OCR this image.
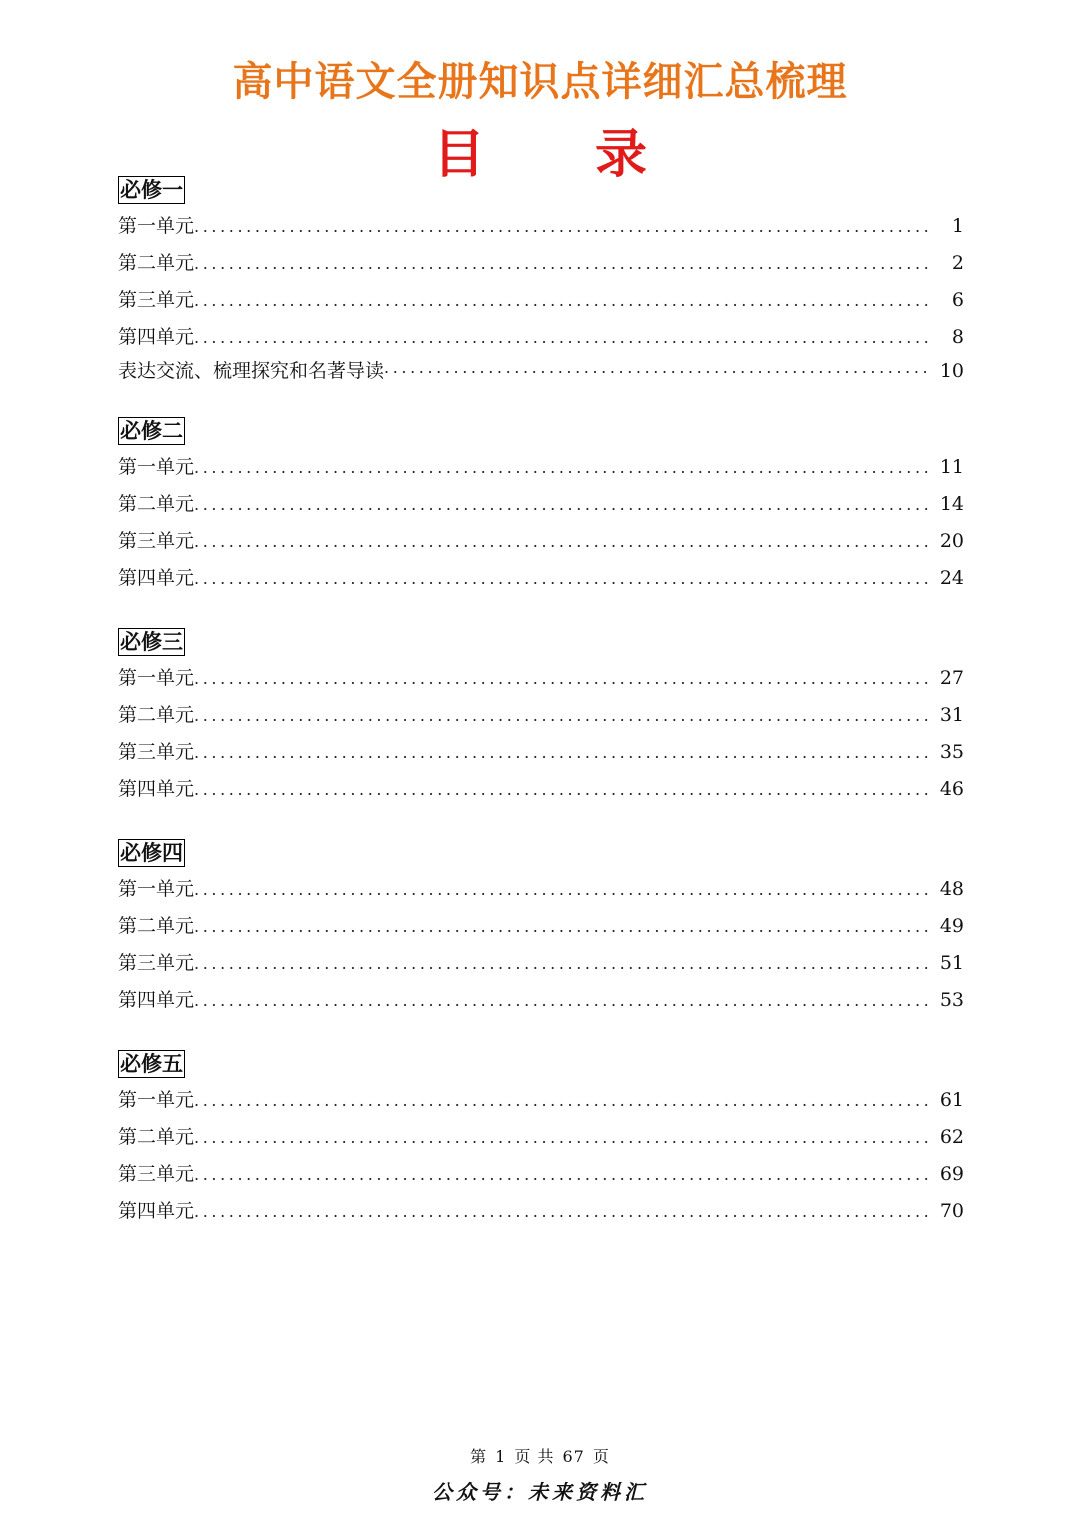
高中语文全册知识点详细汇总梳理
目 录
必修一
第一单元 .....	1
第二单元 .....	2
第三单元 .....	6
第四单元 .....	8
表达交流、梳理探究和名著导读 .....	10
必修二
第一单元 .....	11
第二单元 .....	14
第三单元 .....	20
第四单元 .....	24
必修三
第一单元 .....	27
第二单元 .....	31
第三单元 .....	35
第四单元 .....	46
必修四
第一单元 .....	48
第二单元 .....	49
第三单元 .....	51
第四单元 .....	53
必修五
第一单元 .....	61
第二单元 .....	62
第三单元 .....	69
第四单元 .....	70
第 1 页 共 67 页
公众号：未来资料汇
